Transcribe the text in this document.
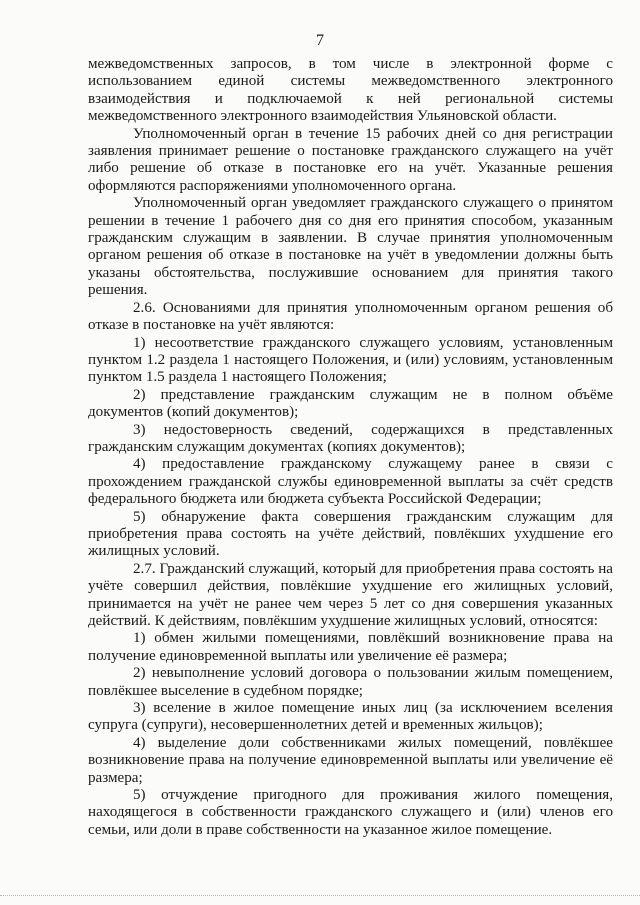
7

межведомственных запросов, в том числе в электронной форме с использованием единой системы межведомственного электронного взаимодействия и подключаемой к ней региональной системы межведомственного электронного взаимодействия Ульяновской области.

Уполномоченный орган в течение 15 рабочих дней со дня регистрации заявления принимает решение о постановке гражданского служащего на учёт либо решение об отказе в постановке его на учёт. Указанные решения оформляются распоряжениями уполномоченного органа.

Уполномоченный орган уведомляет гражданского служащего о принятом решении в течение 1 рабочего дня со дня его принятия способом, указанным гражданским служащим в заявлении. В случае принятия уполномоченным органом решения об отказе в постановке на учёт в уведомлении должны быть указаны обстоятельства, послужившие основанием для принятия такого решения.

2.6. Основаниями для принятия уполномоченным органом решения об отказе в постановке на учёт являются:

1) несоответствие гражданского служащего условиям, установленным пунктом 1.2 раздела 1 настоящего Положения, и (или) условиям, установленным пунктом 1.5 раздела 1 настоящего Положения;

2) представление гражданским служащим не в полном объёме документов (копий документов);

3) недостоверность сведений, содержащихся в представленных гражданским служащим документах (копиях документов);

4) предоставление гражданскому служащему ранее в связи с прохождением гражданской службы единовременной выплаты за счёт средств федерального бюджета или бюджета субъекта Российской Федерации;

5) обнаружение факта совершения гражданским служащим для приобретения права состоять на учёте действий, повлёкших ухудшение его жилищных условий.

2.7. Гражданский служащий, который для приобретения права состоять на учёте совершил действия, повлёкшие ухудшение его жилищных условий, принимается на учёт не ранее чем через 5 лет со дня совершения указанных действий. К действиям, повлёкшим ухудшение жилищных условий, относятся:

1) обмен жилыми помещениями, повлёкший возникновение права на получение единовременной выплаты или увеличение её размера;

2) невыполнение условий договора о пользовании жилым помещением, повлёкшее выселение в судебном порядке;

3) вселение в жилое помещение иных лиц (за исключением вселения супруга (супруги), несовершеннолетних детей и временных жильцов);

4) выделение доли собственниками жилых помещений, повлёкшее возникновение права на получение единовременной выплаты или увеличение её размера;

5) отчуждение пригодного для проживания жилого помещения, находящегося в собственности гражданского служащего и (или) членов его семьи, или доли в праве собственности на указанное жилое помещение.
